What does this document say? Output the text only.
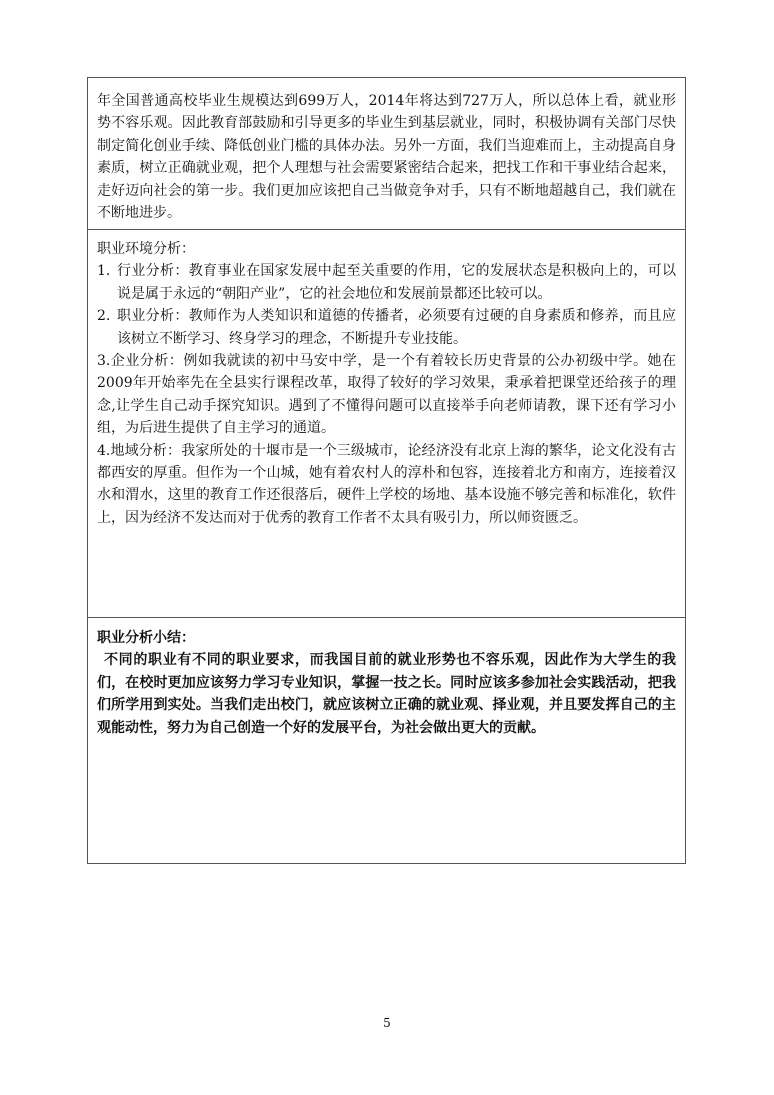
年全国普通高校毕业生规模达到699万人，2014年将达到727万人，所以总体上看，就业形势不容乐观。因此教育部鼓励和引导更多的毕业生到基层就业，同时，积极协调有关部门尽快制定简化创业手续、降低创业门槛的具体办法。另外一方面，我们当迎难而上，主动提高自身素质，树立正确就业观，把个人理想与社会需要紧密结合起来，把找工作和干事业结合起来，走好迈向社会的第一步。我们更加应该把自己当做竞争对手，只有不断地超越自己，我们就在不断地进步。

职业环境分析：

1. 行业分析：教育事业在国家发展中起至关重要的作用，它的发展状态是积极向上的，可以说是属于永远的“朝阳产业”，它的社会地位和发展前景都还比较可以。
2. 职业分析：教师作为人类知识和道德的传播者，必须要有过硬的自身素质和修养，而且应该树立不断学习、终身学习的理念，不断提升专业技能。

3.企业分析：例如我就读的初中马安中学，是一个有着较长历史背景的公办初级中学。她在2009年开始率先在全县实行课程改革，取得了较好的学习效果，秉承着把课堂还给孩子的理念,让学生自己动手探究知识。遇到了不懂得问题可以直接举手向老师请教，课下还有学习小组，为后进生提供了自主学习的通道。

4.地域分析：我家所处的十堰市是一个三级城市，论经济没有北京上海的繁华，论文化没有古都西安的厚重。但作为一个山城，她有着农村人的淳朴和包容，连接着北方和南方，连接着汉水和渭水，这里的教育工作还很落后，硬件上学校的场地、基本设施不够完善和标准化，软件上，因为经济不发达而对于优秀的教育工作者不太具有吸引力，所以师资匮乏。

职业分析小结：

不同的职业有不同的职业要求，而我国目前的就业形势也不容乐观，因此作为大学生的我们，在校时更加应该努力学习专业知识，掌握一技之长。同时应该多参加社会实践活动，把我们所学用到实处。当我们走出校门，就应该树立正确的就业观、择业观，并且要发挥自己的主观能动性，努力为自己创造一个好的发展平台，为社会做出更大的贡献。

5
